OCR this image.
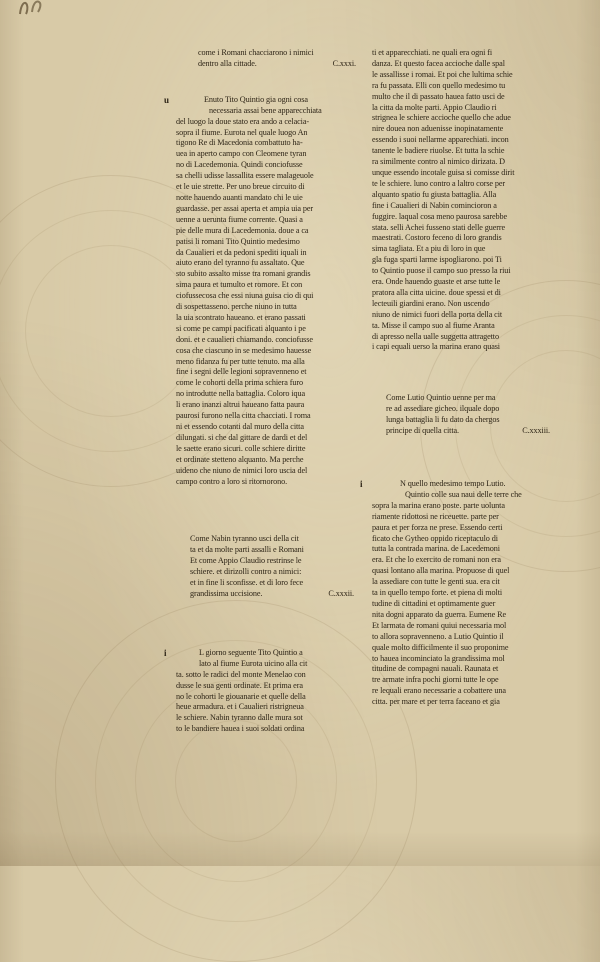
come i Romani chacciarono i nimici
dentro alla cittade.	C.xxxi.
u	Enuto Tito Quintio gia ogni cosa
necessaria assai bene apparecchiata
del luogo la doue stato era ando a celacia-
sopra il fiume. Eurota nel quale luogo An
tigono Re di Macedonia combattuto ha-
uea in aperto campo con Cleomene tyran
no di Lacedemonia. Quindi conciofusse
sa chelli udisse lassallita essere malageuole
et le uie strette. Per uno breue circuito di
notte hauendo auanti mandato chi le uie
guardasse. per assai aperta et ampia uia per
uenne a uerunta fiume corrente. Quasi a
pie delle mura di Lacedemonia. doue a ca
patisi li romani Tito Quintio medesimo
da Caualieri et da pedoni spediti iquali in
aiuto erano del tyranno fu assaltato. Que
sto subito assalto misse tra romani grandis
sima paura et tumulto et romore. Et con
ciofussecosa che essi niuna guisa cio di qui
di sospettasseno. perche niuno in tutta
la uia scontrato haueano. et erano passati
si come pe campi pacificati alquanto i pe
doni. et e caualieri chiamando. conciofusse
cosa che ciascuno in se medesimo hauesse
meno fidanza fu per tutte tenuto. ma alla
fine i segni delle legioni sopravenneno et
come le cohorti della prima schiera furo
no introdutte nella battaglia. Coloro iqua
li erano inanzi altrui haueano fatta paura
paurosi furono nella citta chacciati. I roma
ni et essendo cotanti dal muro della citta
dilungati. si che dal gittare de dardi et del
le saette erano sicuri. colle schiere diritte
et ordinate stetteno alquanto. Ma perche
uideno che niuno de nimici loro uscia del
campo contro a loro si ritornorono.
Come Nabin tyranno usci della cit
ta et da molte parti assalli e Romani
Et come Appio Claudio restrinse le
schiere. et dirizolli contro a nimici:
et in fine li sconfisse. et di loro fece
grandissima uccisione.	C.xxxii.
i	L giorno seguente Tito Quintio a
lato al fiume Eurota uicino alla cit
ta. sotto le radici del monte Menelao con
dusse le sua genti ordinate. Et prima era
no le cohorti le giouanarie et quelle della
heue armadura. et i Caualieri ristrigneua
le schiere. Nabin tyranno dalle mura sot
to le bandiere hauea i suoi soldati ordina
ti et apparecchiati. ne quali era ogni fi
danza. Et questo facea accioche dalle spal
le assallisse i romai. Et poi che lultima schie
ra fu passata. Elli con quello medesimo tu
multo che il di passato hauea fatto usci de
la citta da molte parti. Appio Claudio ri
strignea le schiere accioche quello che adue
nire douea non aduenisse inopinatamente
essendo i suoi nellarme apparechiati. incon
tanente le badiere riuolse. Et tutta la schie
ra similmente contro al nimico dirizata. D
unque essendo incotale guisa si comisse dirit
te le schiere. luno contro a laltro corse per
alquanto spatio fu giusta battaglia. Alla
fine i Caualieri di Nabin comincioron a
fuggire. laqual cosa meno paurosa sarebbe
stata. selli Achei fusseno stati delle guerre
maestrati. Costoro feceno di loro grandis
sima tagliata. Et a piu di loro in que
gla fuga sparti larme ispogliarono. poi Ti
to Quintio puose il campo suo presso la riui
era. Onde hauendo guaste et arse tutte le
pratora alla citta uicine. doue spessi et di
lecteuili giardini erano. Non uscendo
niuno de nimici fuori della porta della cit
ta. Misse il campo suo al fiume Aranta
di apresso nella ualle suggetta attragetto
i capi equali uerso la marina erano quasi
Come Lutio Quintio uenne per ma
re ad assediare gicheo. ilquale dopo
lunga battaglia li fu dato da chergos
principe di quella citta.	C.xxxiii.
i	N quello medesimo tempo Lutio.
Quintio colle sua naui delle terre che
sopra la marina erano poste. parte uolunta
riamente ridottosi ne riceuette. parte per
paura et per forza ne prese. Essendo certi
ficato che Gytheo oppido riceptaculo di
tutta la contrada marina. de Lacedemoni
era. Et che lo exercito de romani non era
quasi lontano alla marina. Propuose di quel
la assediare con tutte le genti sua. era cit
ta in quello tempo forte. et piena di molti
tudine di cittadini et optimamente guer
nita dogni apparato da guerra. Eumene Re
Et larmata de romani quiui necessaria mol
to allora sopravenneno. a Lutio Quintio il
quale molto difficilmente il suo proponime
to hauea incominciato la grandissima mol
titudine de compagni nauali. Raunata et
tre armate infra pochi giorni tutte le ope
re lequali erano necessarie a cobattere una
citta. per mare et per terra faceano et gia
